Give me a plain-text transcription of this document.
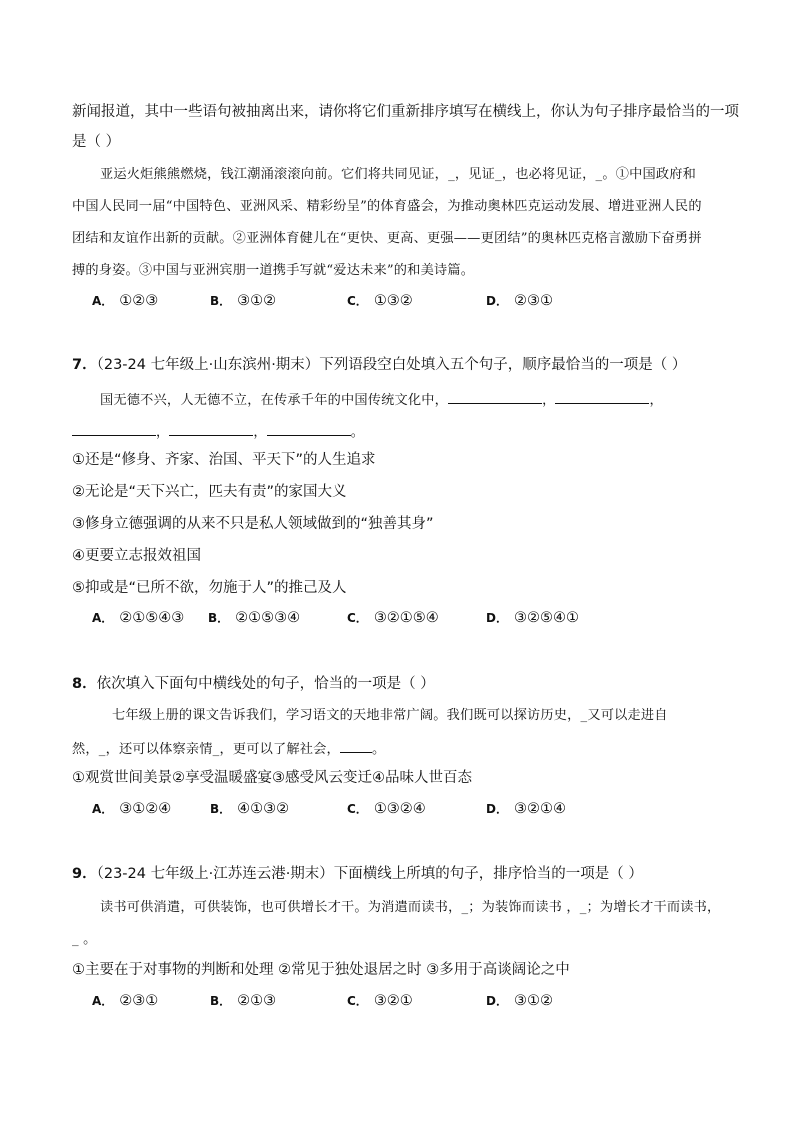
新闻报道，其中一些语句被抽离出来，请你将它们重新排序填写在横线上，你认为句子排序最恰当的一项
是（ ）
亚运火炬熊熊燃烧，钱江潮涌滚滚向前。它们将共同见证，_，见证_，也必将见证，_。①中国政府和
中国人民同一届“中国特色、亚洲风采、精彩纷呈”的体育盛会，为推动奥林匹克运动发展、增进亚洲人民的
团结和友谊作出新的贡献。②亚洲体育健儿在“更快、更高、更强——更团结”的奥林匹克格言激励下奋勇拼
搏的身姿。③中国与亚洲宾朋一道携手写就“爱达未来”的和美诗篇。
A． ①②③	B． ③①②	C． ①③②	D． ②③①
7．（23-24 七年级上·山东滨州·期末）下列语段空白处填入五个句子，顺序最恰当的一项是（ ）
国无德不兴，人无德不立，在传承千年的中国传统文化中，	，	，
，	，	。
①还是“修身、齐家、治国、平天下”的人生追求
②无论是“天下兴亡，匹夫有责”的家国大义
③修身立德强调的从来不只是私人领域做到的“独善其身”
④更要立志报效祖国
⑤抑或是“已所不欲，勿施于人”的推己及人
A． ②①⑤④③ B． ②①⑤③④	C． ③②①⑤④	D． ③②⑤④①
8．依次填入下面句中横线处的句子，恰当的一项是（ ）
七年级上册的课文告诉我们，学习语文的天地非常广阔。我们既可以探访历史，_又可以走进自
然，_，还可以体察亲情_，更可以了解社会， 。
①观赏世间美景②享受温暖盛宴③感受风云变迁④品味人世百态
A． ③①②④	B． ④①③②	C． ①③②④	D． ③②①④
9．（23-24 七年级上·江苏连云港·期末）下面横线上所填的句子，排序恰当的一项是（ ）
读书可供消遣，可供装饰，也可供增长才干。为消遣而读书，_；为装饰而读书 ，_；为增长才干而读书，
_ 。
①主要在于对事物的判断和处理 ②常见于独处退居之时 ③多用于高谈阔论之中
A． ②③①	B． ②①③	C． ③②①	D． ③①②
